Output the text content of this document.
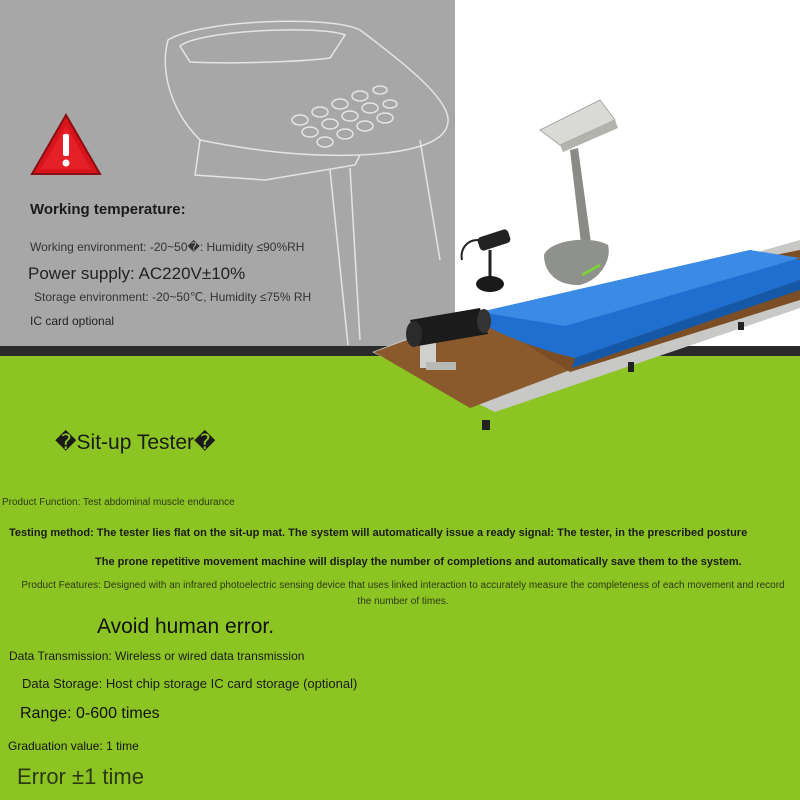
Working temperature:
Working environment: -20~50�: Humidity ≤90%RH
Power supply: AC220V±10%
Storage environment: -20~50℃, Humidity ≤75% RH
IC card optional
�Sit-up Tester�
Product Function: Test abdominal muscle endurance
Testing method: The tester lies flat on the sit-up mat. The system will automatically issue a ready signal: The tester, in the prescribed posture
The prone repetitive movement machine will display the number of completions and automatically save them to the system.
Product Features: Designed with an infrared photoelectric sensing device that uses linked interaction to accurately measure the completeness of each movement and record the number of times.
Avoid human error.
Data Transmission: Wireless or wired data transmission
Data Storage: Host chip storage IC card storage (optional)
Range: 0-600 times
Graduation value: 1 time
Error ±1 time
